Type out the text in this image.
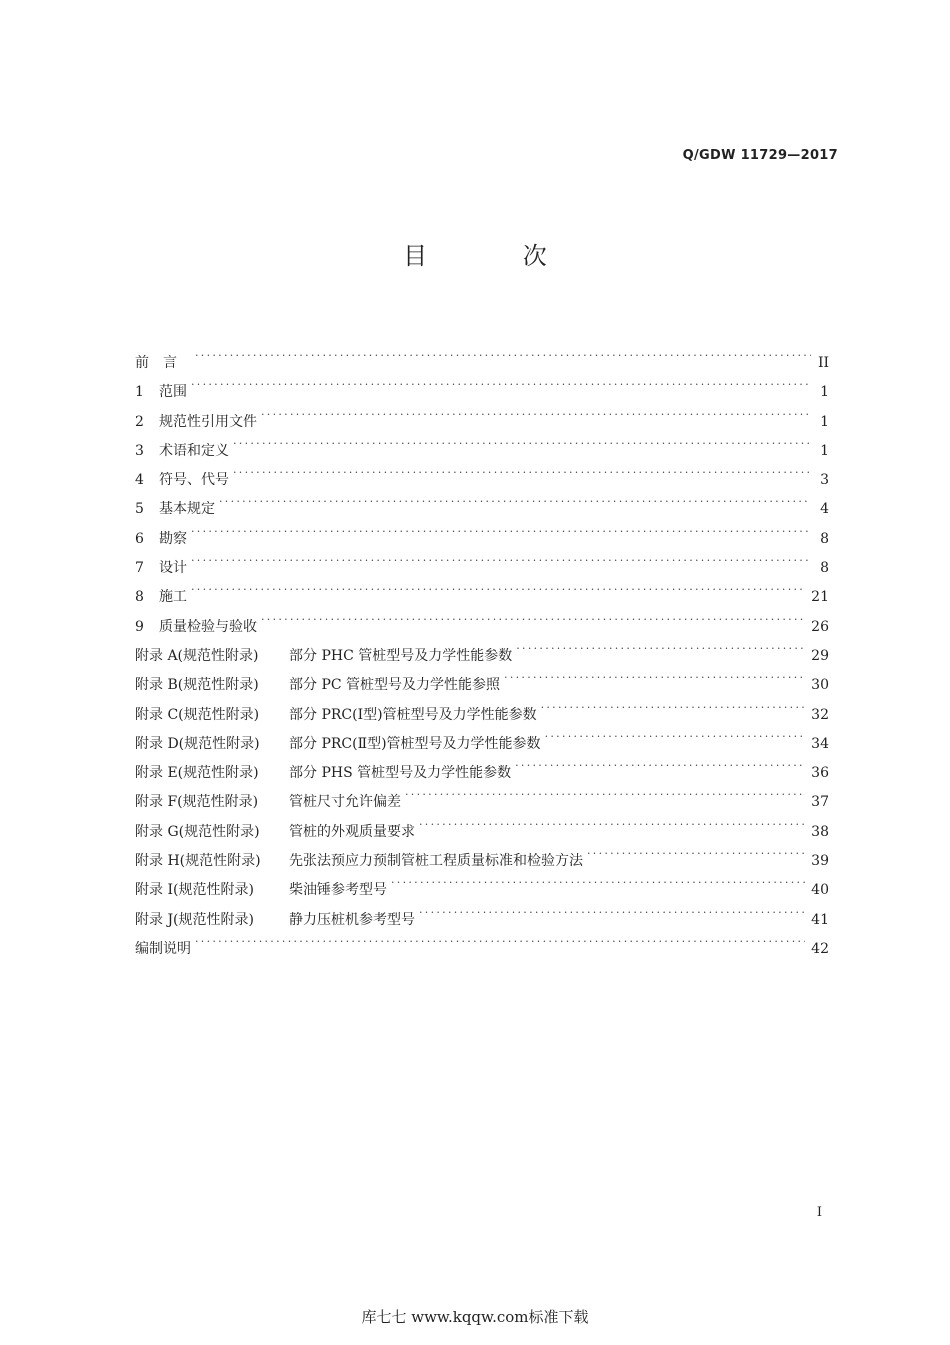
Q/GDW 11729—2017
目 次
前言 . . .	II
1	范围 . . .	1
2	规范性引用文件 . . .	1
3	术语和定义 . . .	1
4	符号、代号 . . .	3
5	基本规定 . . .	4
6	勘察 . . .	8
7	设计 . . .	8
8	施工 . . .	21
9	质量检验与验收 . . .	26
附录 A(规范性附录)	部分 PHC 管桩型号及力学性能参数 . . .	29
附录 B(规范性附录)	部分 PC 管桩型号及力学性能参照 . . .	30
附录 C(规范性附录)	部分 PRC(Ⅰ型)管桩型号及力学性能参数 . . .	32
附录 D(规范性附录)	部分 PRC(Ⅱ型)管桩型号及力学性能参数 . . .	34
附录 E(规范性附录)	部分 PHS 管桩型号及力学性能参数 . . .	36
附录 F(规范性附录)	管桩尺寸允许偏差 . . .	37
附录 G(规范性附录)	管桩的外观质量要求 . . .	38
附录 H(规范性附录)	先张法预应力预制管桩工程质量标准和检验方法 . . .	39
附录 I(规范性附录)	柴油锤参考型号 . . .	40
附录 J(规范性附录)	静力压桩机参考型号 . . .	41
编制说明 . . .	42
I
库七七 www.kqqw.com标准下载
